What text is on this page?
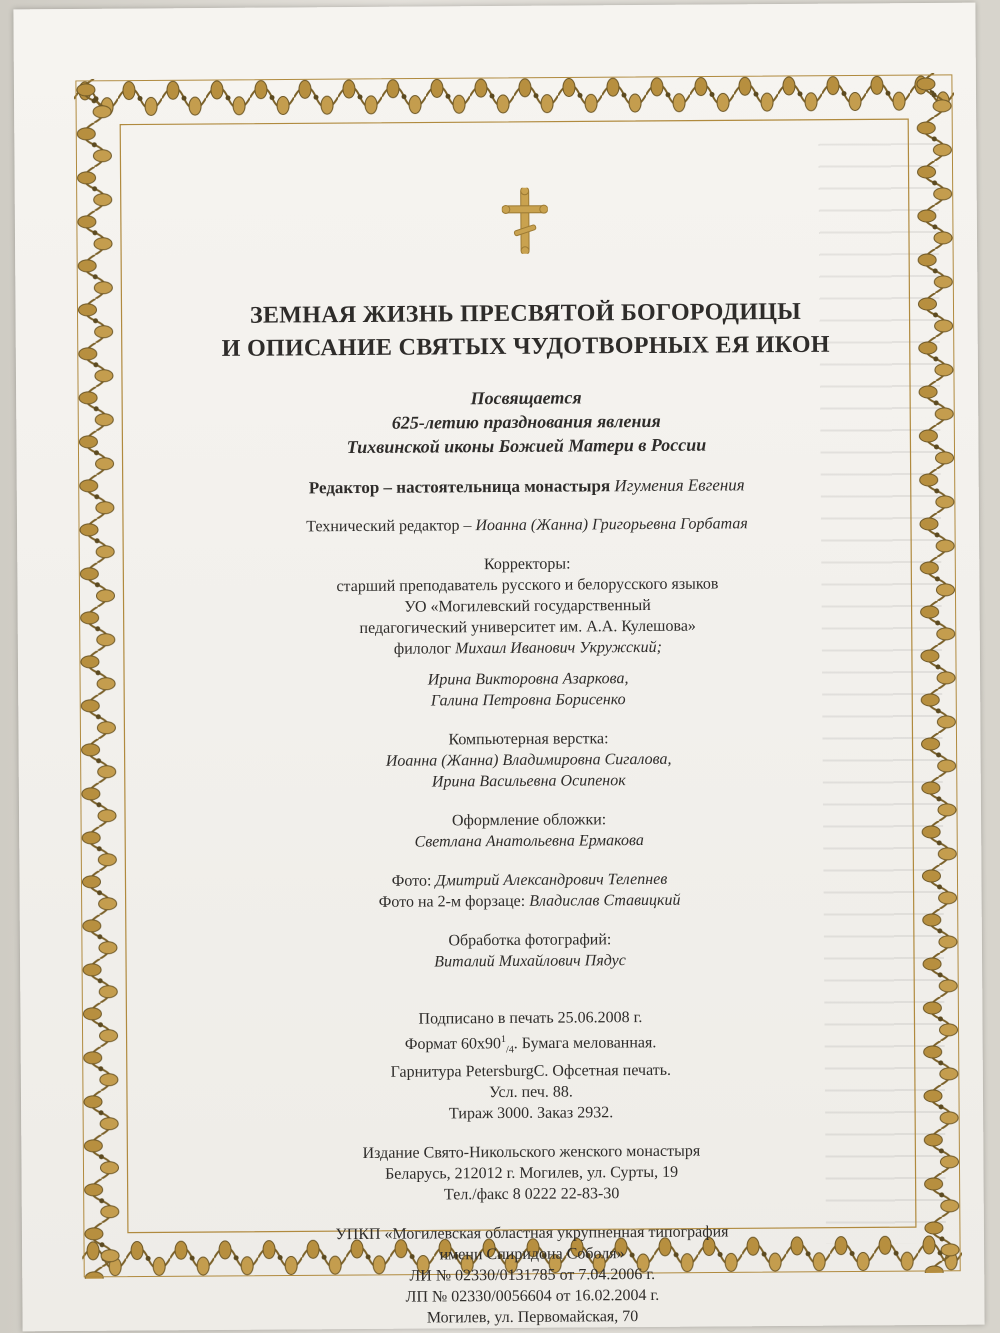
ЗЕМНАЯ ЖИЗНЬ ПРЕСВЯТОЙ БОГОРОДИЦЫ
И ОПИСАНИЕ СВЯТЫХ ЧУДОТВОРНЫХ ЕЯ ИКОН
Посвящается
625-летию празднования явления
Тихвинской иконы Божией Матери в России
Редактор – настоятельница монастыря Игумения Евгения
Технический редактор – Иоанна (Жанна) Григорьевна Горбатая
Корректоры:
старший преподаватель русского и белорусского языков
УО «Могилевский государственный
педагогический университет им. А.А. Кулешова»
филолог Михаил Иванович Укружский;
Ирина Викторовна Азаркова,
Галина Петровна Борисенко
Компьютерная верстка:
Иоанна (Жанна) Владимировна Сигалова,
Ирина Васильевна Осипенок
Оформление обложки:
Светлана Анатольевна Ермакова
Фото: Дмитрий Александрович Телепнев
Фото на 2-м форзаце: Владислав Ставицкий
Обработка фотографий:
Виталий Михайлович Пядус
Подписано в печать 25.06.2008 г.
Формат $60х90^1_{/4}$. Бумага мелованная.
Гарнитура PetersburgC. Офсетная печать.
Усл. печ. 88.
Тираж 3000. Заказ 2932.
Издание Свято-Никольского женского монастыря
Беларусь, 212012 г. Могилев, ул. Сурты, 19
Тел./факс 8 0222 22-83-30
УПКП «Могилевская областная укрупненная типография
имени Спиридона Соболя»
ЛИ № 02330/0131785 от 7.04.2006 г.
ЛП № 02330/0056604 от 16.02.2004 г.
Могилев, ул. Первомайская, 70
